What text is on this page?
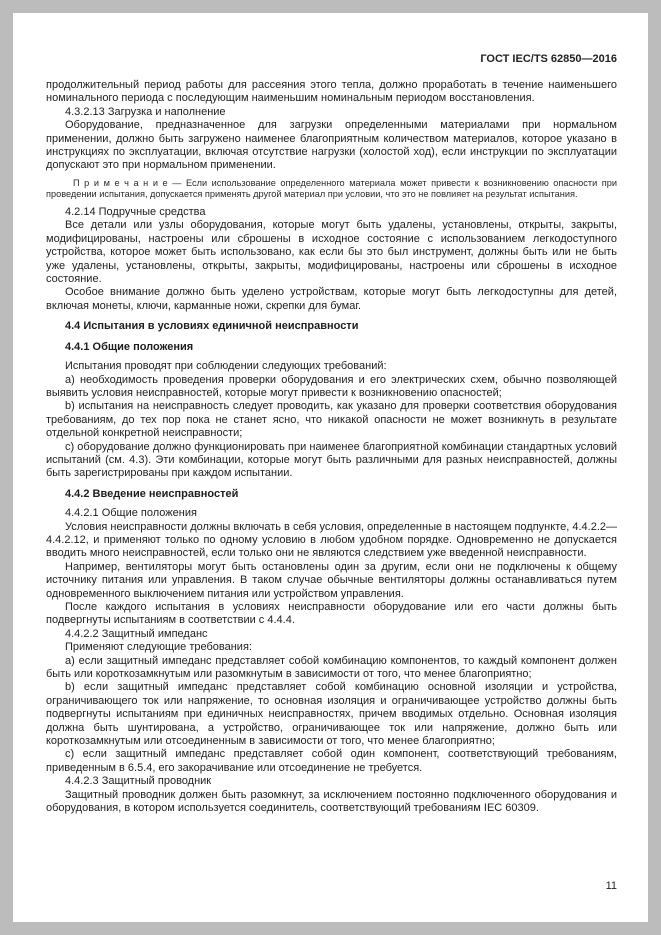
ГОСТ IEC/TS 62850—2016

продолжительный период работы для рассеяния этого тепла, должно проработать в течение наименьшего номинального периода с последующим наименьшим номинальным периодом восстановления.

4.3.2.13 Загрузка и наполнение

Оборудование, предназначенное для загрузки определенными материалами при нормальном применении, должно быть загружено наименее благоприятным количеством материалов, которое указано в инструкциях по эксплуатации, включая отсутствие нагрузки (холостой ход), если инструкции по эксплуатации допускают это при нормальном применении.

П р и м е ч а н и е — Если использование определенного материала может привести к возникновению опасности при проведении испытания, допускается применять другой материал при условии, что это не повлияет на результат испытания.

4.2.14 Подручные средства

Все детали или узлы оборудования, которые могут быть удалены, установлены, открыты, закрыты, модифицированы, настроены или сброшены в исходное состояние с использованием легкодоступного устройства, которое может быть использовано, как если бы это был инструмент, должны быть или не быть уже удалены, установлены, открыты, закрыты, модифицированы, настроены или сброшены в исходное состояние.

Особое внимание должно быть уделено устройствам, которые могут быть легкодоступны для детей, включая монеты, ключи, карманные ножи, скрепки для бумаг.

4.4 Испытания в условиях единичной неисправности

4.4.1 Общие положения

Испытания проводят при соблюдении следующих требований:

a) необходимость проведения проверки оборудования и его электрических схем, обычно позволяющей выявить условия неисправностей, которые могут привести к возникновению опасностей;

b) испытания на неисправность следует проводить, как указано для проверки соответствия оборудования требованиям, до тех пор пока не станет ясно, что никакой опасности не может возникнуть в результате отдельной конкретной неисправности;

c) оборудование должно функционировать при наименее благоприятной комбинации стандартных условий испытаний (см. 4.3). Эти комбинации, которые могут быть различными для разных неисправностей, должны быть зарегистрированы при каждом испытании.

4.4.2 Введение неисправностей

4.4.2.1 Общие положения

Условия неисправности должны включать в себя условия, определенные в настоящем подпункте, 4.4.2.2—4.4.2.12, и применяют только по одному условию в любом удобном порядке. Одновременно не допускается вводить много неисправностей, если только они не являются следствием уже введенной неисправности.

Например, вентиляторы могут быть остановлены один за другим, если они не подключены к общему источнику питания или управления. В таком случае обычные вентиляторы должны останавливаться путем одновременного выключением питания или устройством управления.

После каждого испытания в условиях неисправности оборудование или его части должны быть подвергнуты испытаниям в соответствии с 4.4.4.

4.4.2.2 Защитный импеданс

Применяют следующие требования:

a) если защитный импеданс представляет собой комбинацию компонентов, то каждый компонент должен быть или короткозамкнутым или разомкнутым в зависимости от того, что менее благоприятно;

b) если защитный импеданс представляет собой комбинацию основной изоляции и устройства, ограничивающего ток или напряжение, то основная изоляция и ограничивающее устройство должны быть подвергнуты испытаниям при единичных неисправностях, причем вводимых отдельно. Основная изоляция должна быть шунтирована, а устройство, ограничивающее ток или напряжение, должно быть или короткозамкнутым или отсоединенным в зависимости от того, что менее благоприятно;

c) если защитный импеданс представляет собой один компонент, соответствующий требованиям, приведенным в 6.5.4, его закорачивание или отсоединение не требуется.

4.4.2.3 Защитный проводник

Защитный проводник должен быть разомкнут, за исключением постоянно подключенного оборудования и оборудования, в котором используется соединитель, соответствующий требованиям IEC 60309.

11
